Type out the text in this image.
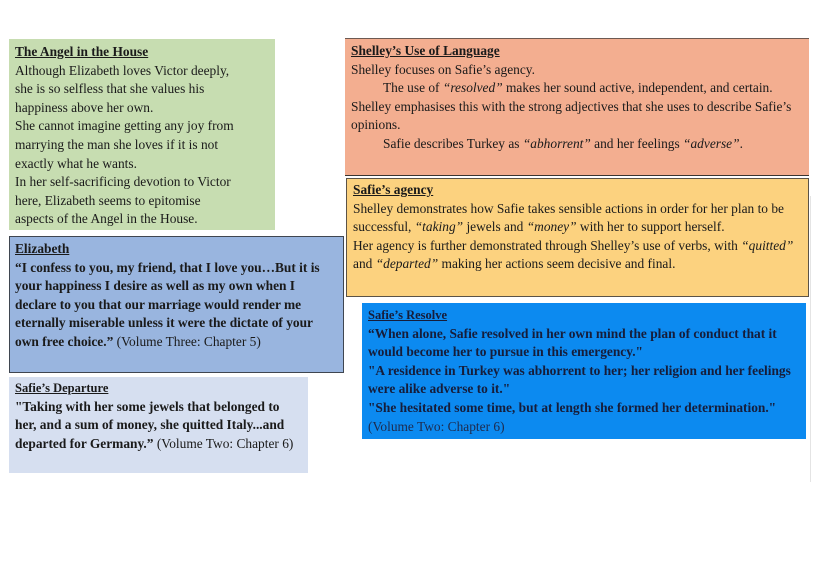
The Angel in the House
Although Elizabeth loves Victor deeply,
she is so selfless that she values his
happiness above her own.
She cannot imagine getting any joy from
marrying the man she loves if it is not
exactly what he wants.
In her self-sacrificing devotion to Victor
here, Elizabeth seems to epitomise
aspects of the Angel in the House.
Elizabeth
“I confess to you, my friend, that I love you…But it is your happiness I desire as well as my own when I declare to you that our marriage would render me eternally miserable unless it were the dictate of your own free choice.” (Volume Three: Chapter 5)
Safie’s Departure
"Taking with her some jewels that belonged to her, and a sum of money, she quitted Italy...and departed for Germany.” (Volume Two: Chapter 6)
Shelley’s Use of Language
Shelley focuses on Safie’s agency.
The use of “resolved” makes her sound active, independent, and certain.
Shelley emphasises this with the strong adjectives that she uses to describe Safie’s opinions.
Safie describes Turkey as “abhorrent” and her feelings “adverse”.
Safie’s agency
Shelley demonstrates how Safie takes sensible actions in order for her plan to be successful, “taking” jewels and “money” with her to support herself.
Her agency is further demonstrated through Shelley’s use of verbs, with “quitted” and “departed” making her actions seem decisive and final.
Safie’s Resolve
“When alone, Safie resolved in her own mind the plan of conduct that it would become her to pursue in this emergency."
"A residence in Turkey was abhorrent to her; her religion and her feelings were alike adverse to it."
"She hesitated some time, but at length she formed her determination." (Volume Two: Chapter 6)
